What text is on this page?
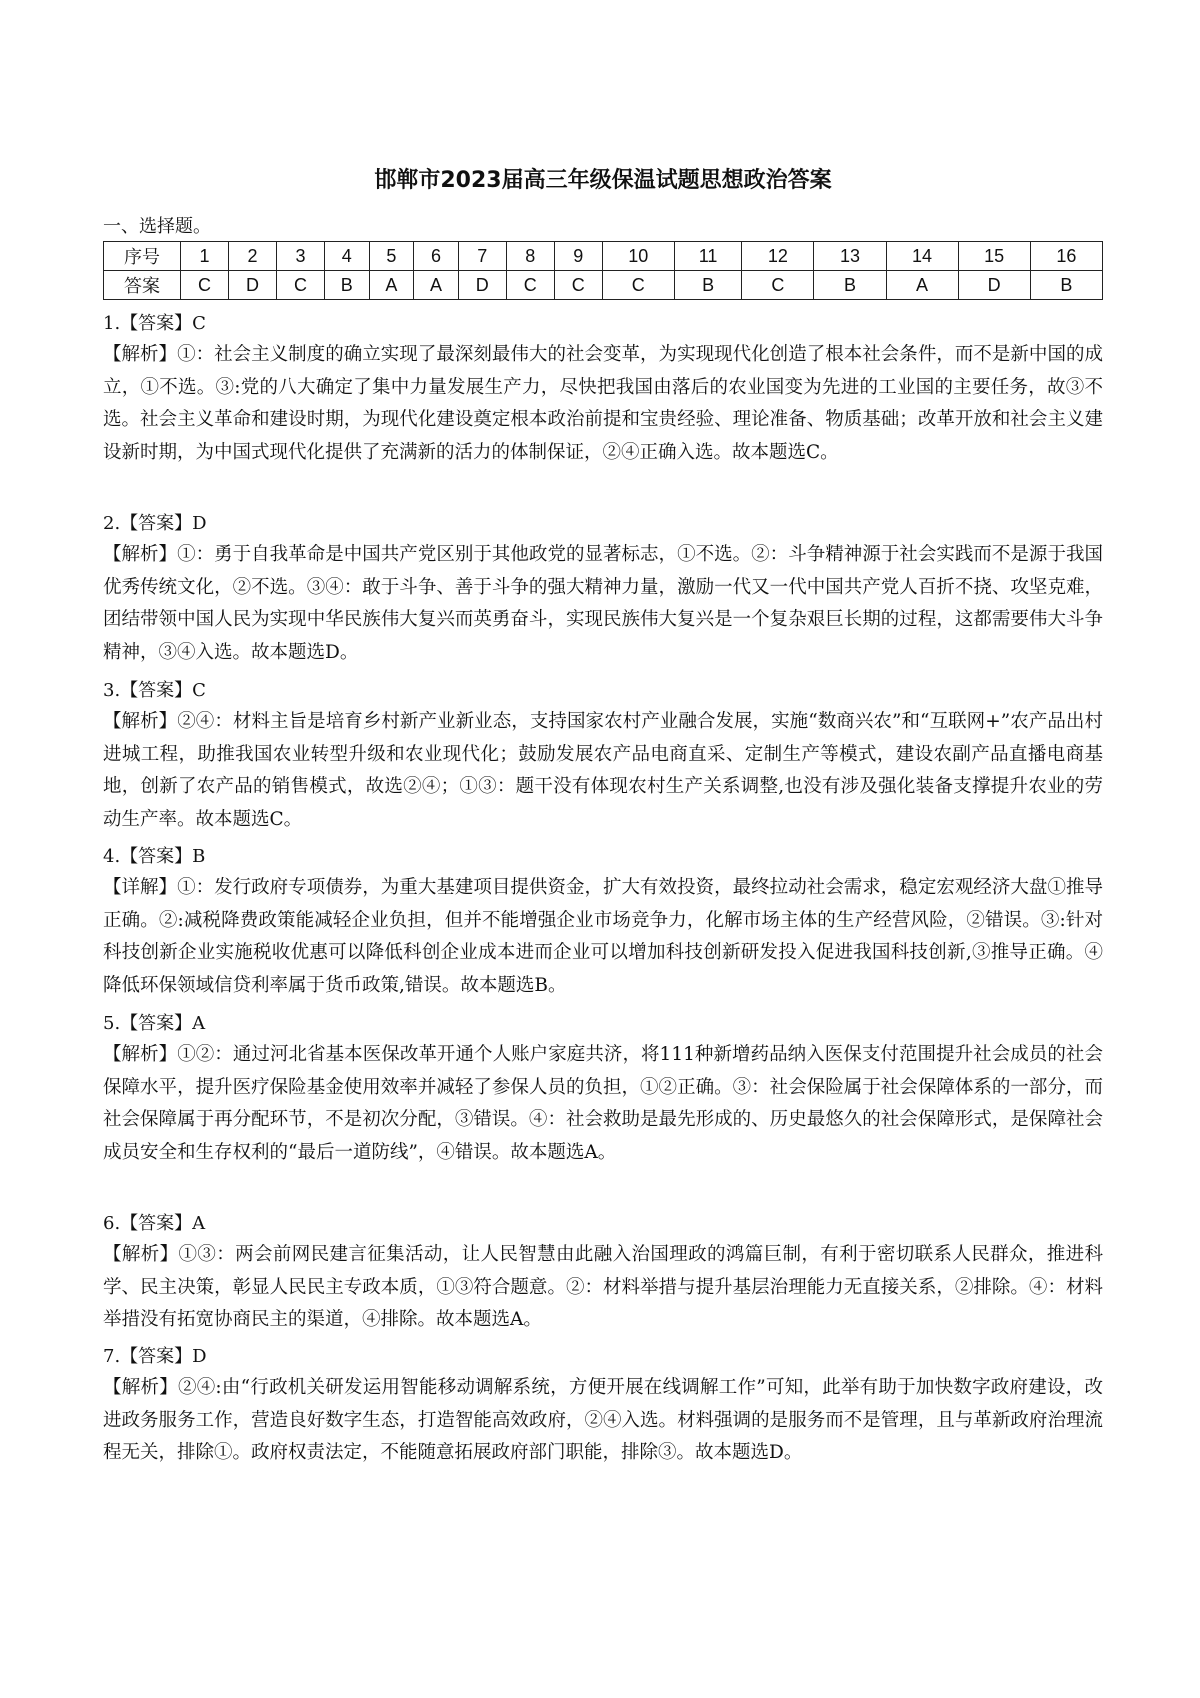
邯郸市2023届高三年级保温试题思想政治答案
一、选择题。
序号	1	2	3	4	5	6	7	8	9	10	11	12	13	14	15	16
答案	C	D	C	B	A	A	D	C	C	C	B	C	B	A	D	B
1.【答案】C
【解析】①：社会主义制度的确立实现了最深刻最伟大的社会变革，为实现现代化创造了根本社会条件，而不是新中国的成立，①不选。③:党的八大确定了集中力量发展生产力，尽快把我国由落后的农业国变为先进的工业国的主要任务，故③不选。社会主义革命和建设时期，为现代化建设奠定根本政治前提和宝贵经验、理论准备、物质基础；改革开放和社会主义建设新时期，为中国式现代化提供了充满新的活力的体制保证，②④正确入选。故本题选C。
2.【答案】D
【解析】①：勇于自我革命是中国共产党区别于其他政党的显著标志，①不选。②：斗争精神源于社会实践而不是源于我国优秀传统文化，②不选。③④：敢于斗争、善于斗争的强大精神力量，激励一代又一代中国共产党人百折不挠、攻坚克难，团结带领中国人民为实现中华民族伟大复兴而英勇奋斗，实现民族伟大复兴是一个复杂艰巨长期的过程，这都需要伟大斗争精神，③④入选。故本题选D。
3.【答案】C
【解析】②④：材料主旨是培育乡村新产业新业态，支持国家农村产业融合发展，实施“数商兴农”和“互联网+”农产品出村进城工程，助推我国农业转型升级和农业现代化；鼓励发展农产品电商直采、定制生产等模式，建设农副产品直播电商基地，创新了农产品的销售模式，故选②④；①③：题干没有体现农村生产关系调整,也没有涉及强化装备支撑提升农业的劳动生产率。故本题选C。
4.【答案】B
【详解】①：发行政府专项债券，为重大基建项目提供资金，扩大有效投资，最终拉动社会需求，稳定宏观经济大盘①推导正确。②:减税降费政策能减轻企业负担，但并不能增强企业市场竞争力，化解市场主体的生产经营风险，②错误。③:针对科技创新企业实施税收优惠可以降低科创企业成本进而企业可以增加科技创新研发投入促进我国科技创新,③推导正确。④降低环保领域信贷利率属于货币政策,错误。故本题选B。
5.【答案】A
【解析】①②：通过河北省基本医保改革开通个人账户家庭共济，将111种新增药品纳入医保支付范围提升社会成员的社会保障水平，提升医疗保险基金使用效率并减轻了参保人员的负担，①②正确。③：社会保险属于社会保障体系的一部分，而社会保障属于再分配环节，不是初次分配，③错误。④：社会救助是最先形成的、历史最悠久的社会保障形式，是保障社会成员安全和生存权利的“最后一道防线”，④错误。故本题选A。
6.【答案】A
【解析】①③：两会前网民建言征集活动，让人民智慧由此融入治国理政的鸿篇巨制，有利于密切联系人民群众，推进科学、民主决策，彰显人民民主专政本质，①③符合题意。②：材料举措与提升基层治理能力无直接关系，②排除。④：材料举措没有拓宽协商民主的渠道，④排除。故本题选A。
7.【答案】D
【解析】②④:由“行政机关研发运用智能移动调解系统，方便开展在线调解工作”可知，此举有助于加快数字政府建设，改进政务服务工作，营造良好数字生态，打造智能高效政府，②④入选。材料强调的是服务而不是管理，且与革新政府治理流程无关，排除①。政府权责法定，不能随意拓展政府部门职能，排除③。故本题选D。
